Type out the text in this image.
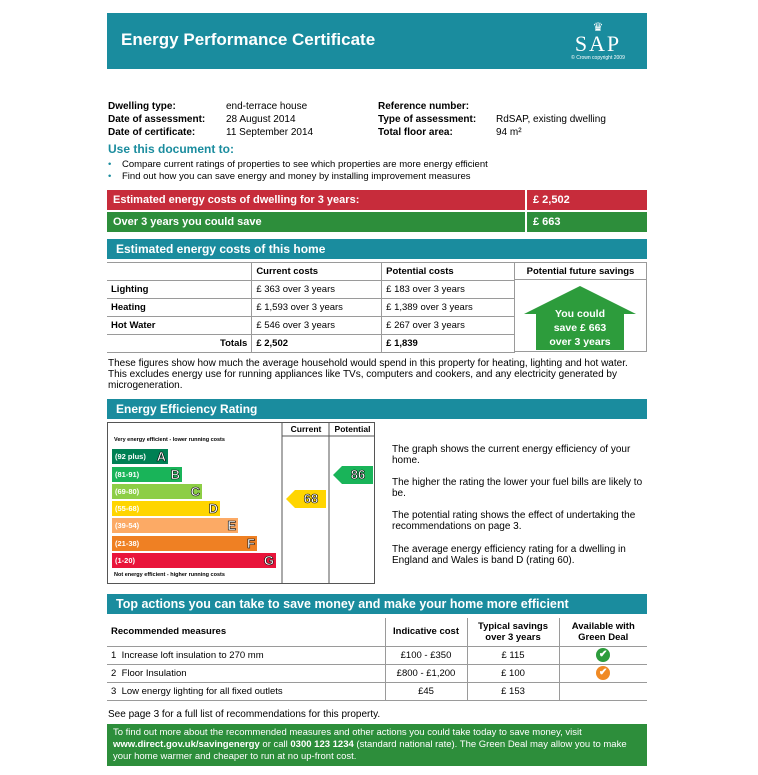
Energy Performance Certificate
♛
SAP
© Crown copyright 2009
Dwelling type:	end-terrace house
Date of assessment:	28 August 2014
Date of certificate:	11 September 2014
Reference number:
Type of assessment:	RdSAP, existing dwelling
Total floor area:	94 m²
Use this document to:
•	Compare current ratings of properties to see which properties are more energy efficient
•	Find out how you can save energy and money by installing improvement measures
Estimated energy costs of dwelling for 3 years:	£ 2,502
Over 3 years you could save	£ 663
Estimated energy costs of this home
	Current costs	Potential costs
Lighting	£ 363 over 3 years	£ 183 over 3 years
Heating	£ 1,593 over 3 years	£ 1,389 over 3 years
Hot Water	£ 546 over 3 years	£ 267 over 3 years
Totals	£ 2,502	£ 1,839
Potential future savings
You could
save £ 663
over 3 years
These figures show how much the average household would spend in this property for heating, lighting and hot water. This excludes energy use for running appliances like TVs, computers and cookers, and any electricity generated by microgeneration.
Energy Efficiency Rating
Current	Potential
Very energy efficient - lower running costs
Not energy efficient - higher running costs
(92 plus) A
(81-91) B
(69-80)	C
(55-68)	D
(39-54)	E
(21-38)	F
(1-20)	G
68
86
The graph shows the current energy efficiency of your home.
The higher the rating the lower your fuel bills are likely to be.
The potential rating shows the effect of undertaking the recommendations on page 3.
The average energy efficiency rating for a dwelling in England and Wales is band D (rating 60).
Top actions you can take to save money and make your home more efficient
Recommended measures	Indicative cost	Typical savings over 3 years	Available with Green Deal
1 Increase loft insulation to 270 mm	£100 - £350	£ 115	✔
2 Floor Insulation	£800 - £1,200	£ 100	✔
3 Low energy lighting for all fixed outlets	£45	£ 153	
See page 3 for a full list of recommendations for this property.
To find out more about the recommended measures and other actions you could take today to save money, visit www.direct.gov.uk/savingenergy or call 0300 123 1234 (standard national rate). The Green Deal may allow you to make your home warmer and cheaper to run at no up-front cost.
